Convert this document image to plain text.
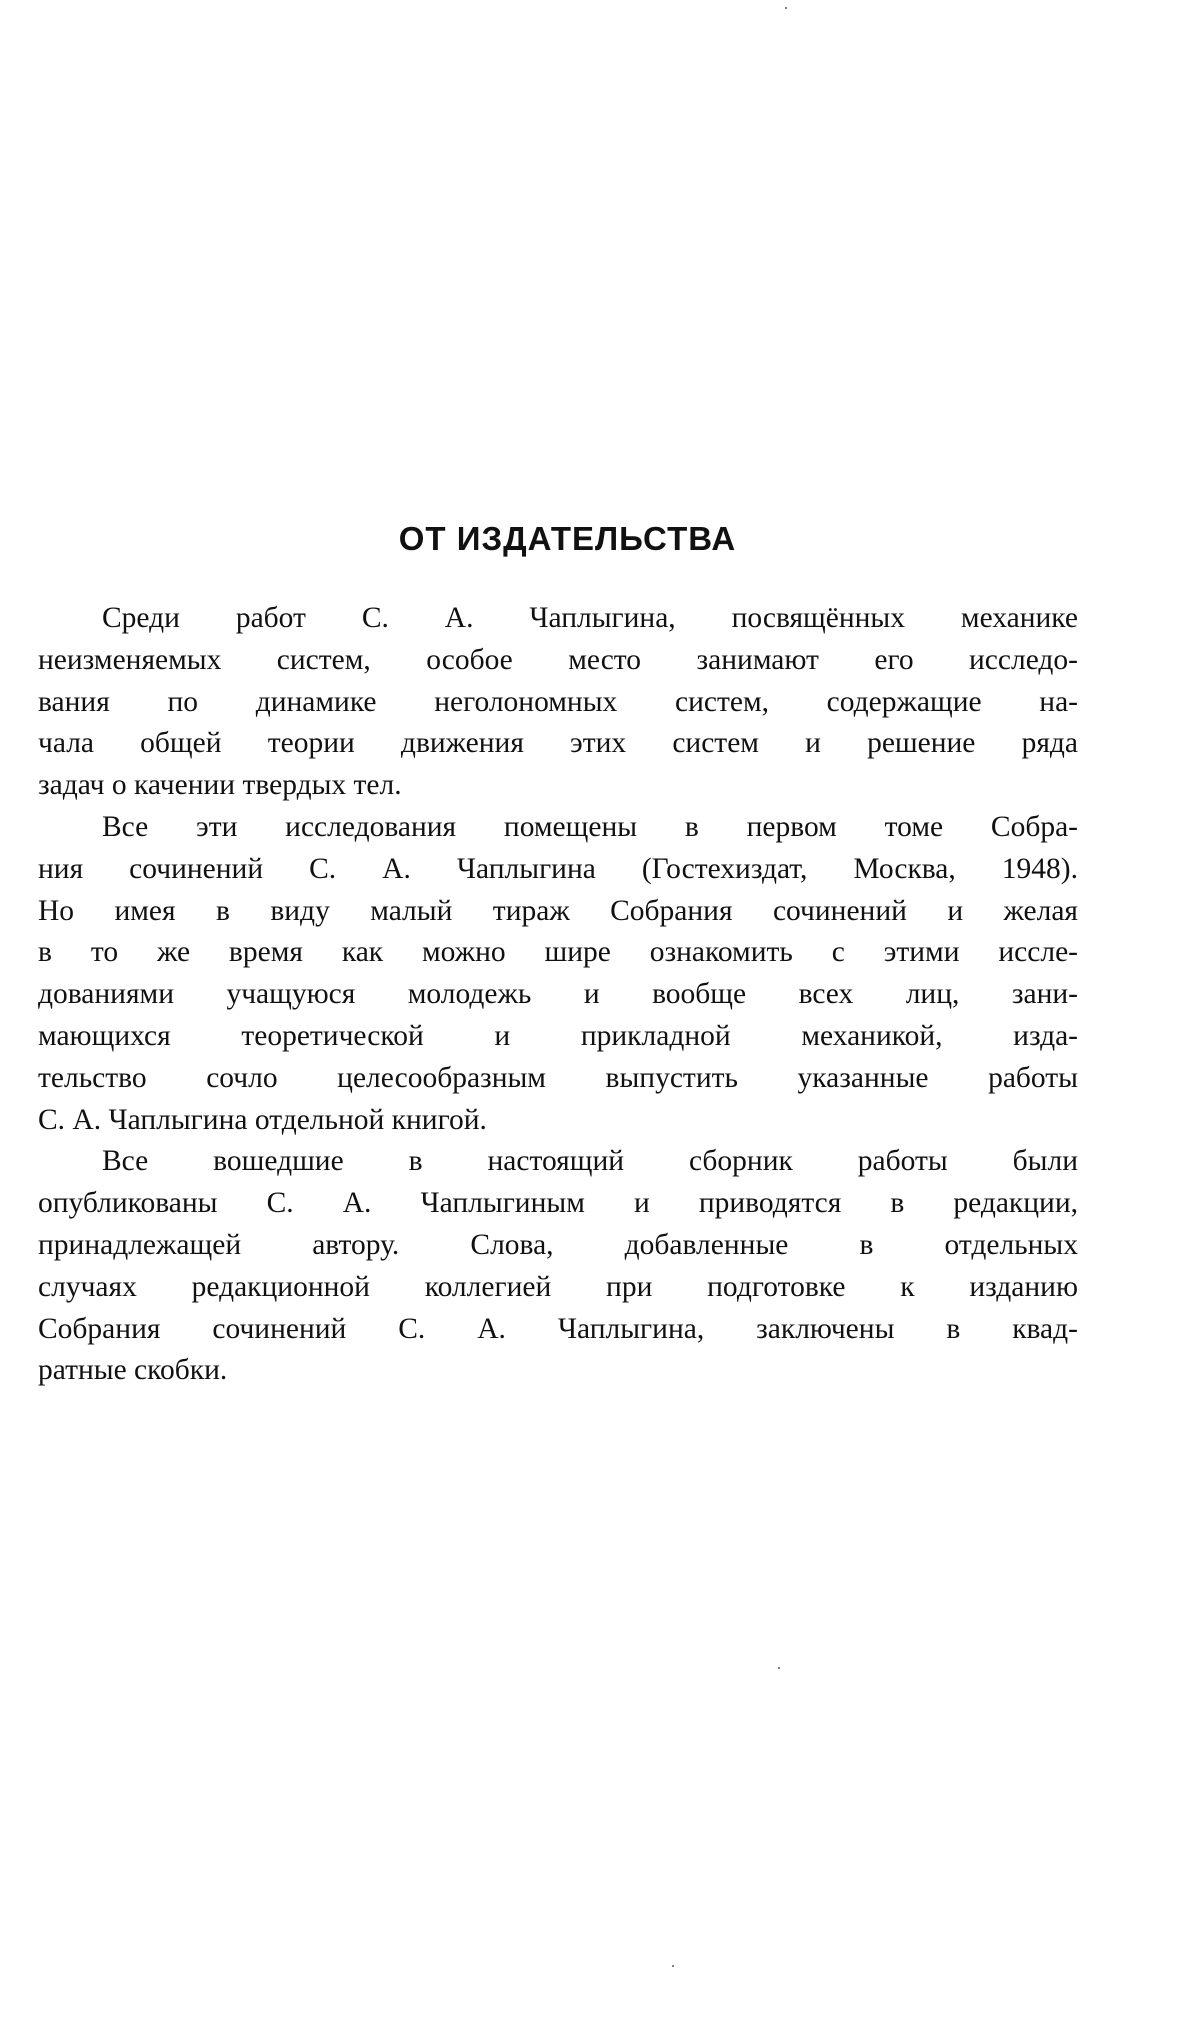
ОТ ИЗДАТЕЛЬСТВА
Среди работ С. А. Чаплыгина, посвящённых механике
неизменяемых систем, особое место занимают его исследо-
вания по динамике неголономных систем, содержащие на-
чала общей теории движения этих систем и решение ряда
задач о качении твердых тел.
Все эти исследования помещены в первом томе Собра-
ния сочинений С. А. Чаплыгина (Гостехиздат, Москва, 1948).
Но имея в виду малый тираж Собрания сочинений и желая
в то же время как можно шире ознакомить с этими иссле-
дованиями учащуюся молодежь и вообще всех лиц, зани-
мающихся теоретической и прикладной механикой, изда-
тельство сочло целесообразным выпустить указанные работы
С. А. Чаплыгина отдельной книгой.
Все вошедшие в настоящий сборник работы были
опубликованы С. А. Чаплыгиным и приводятся в редакции,
принадлежащей автору. Слова, добавленные в отдельных
случаях редакционной коллегией при подготовке к изданию
Собрания сочинений С. А. Чаплыгина, заключены в квад-
ратные скобки.
